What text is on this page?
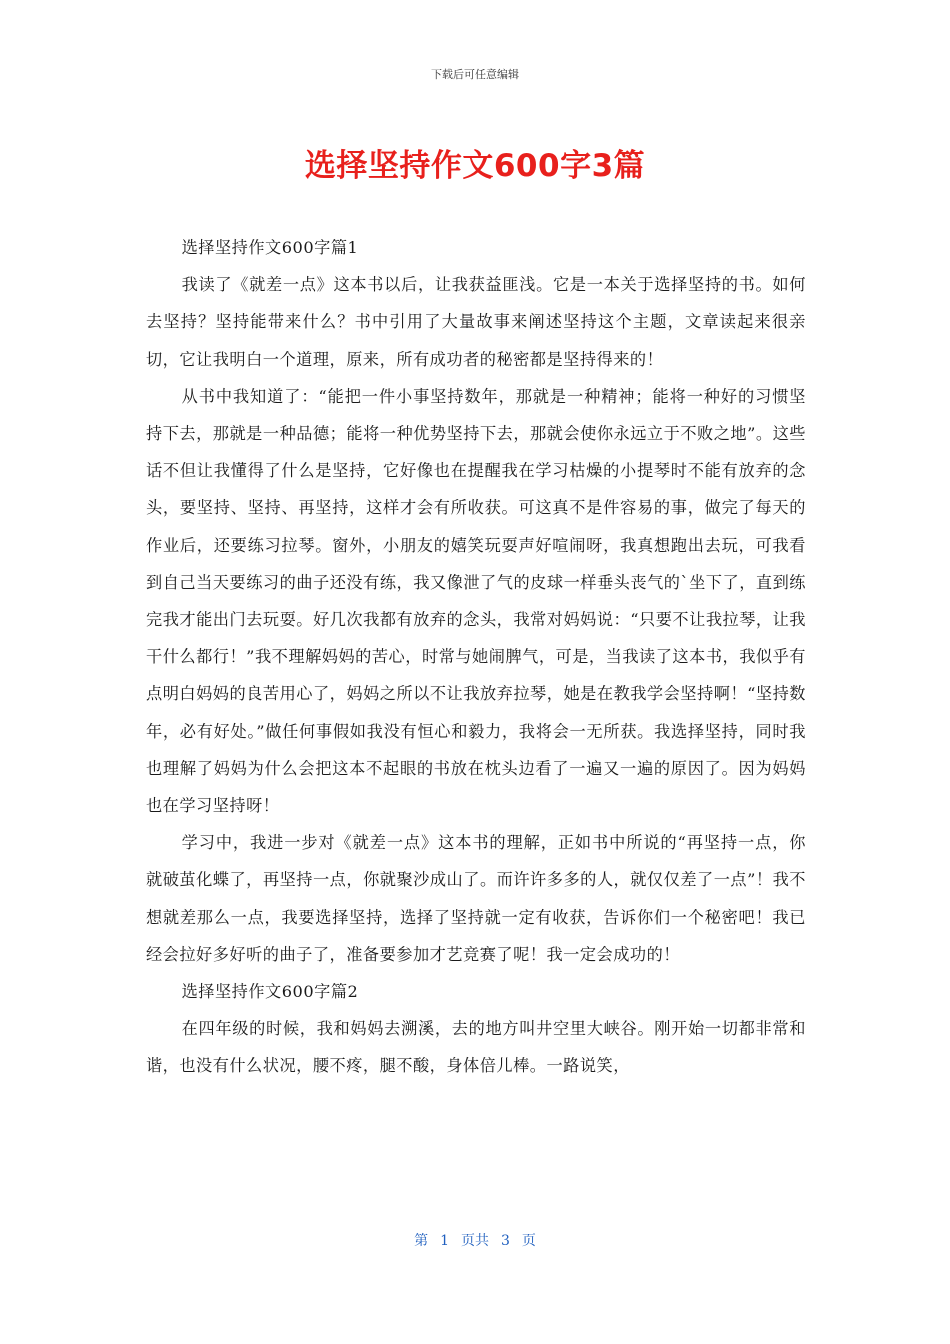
下载后可任意编辑
选择坚持作文600字3篇

选择坚持作文600字篇1

我读了《就差一点》这本书以后，让我获益匪浅。它是一本关于选择坚持的书。如何去坚持？坚持能带来什么？书中引用了大量故事来阐述坚持这个主题，文章读起来很亲切，它让我明白一个道理，原来，所有成功者的秘密都是坚持得来的！

从书中我知道了：“能把一件小事坚持数年，那就是一种精神；能将一种好的习惯坚持下去，那就是一种品德；能将一种优势坚持下去，那就会使你永远立于不败之地”。这些话不但让我懂得了什么是坚持，它好像也在提醒我在学习枯燥的小提琴时不能有放弃的念头，要坚持、坚持、再坚持，这样才会有所收获。可这真不是件容易的事，做完了每天的作业后，还要练习拉琴。窗外，小朋友的嬉笑玩耍声好喧闹呀，我真想跑出去玩，可我看到自己当天要练习的曲子还没有练，我又像泄了气的皮球一样垂头丧气的`坐下了，直到练完我才能出门去玩耍。好几次我都有放弃的念头，我常对妈妈说：“只要不让我拉琴，让我干什么都行！”我不理解妈妈的苦心，时常与她闹脾气，可是，当我读了这本书，我似乎有点明白妈妈的良苦用心了，妈妈之所以不让我放弃拉琴，她是在教我学会坚持啊！“坚持数年，必有好处。”做任何事假如我没有恒心和毅力，我将会一无所获。我选择坚持，同时我也理解了妈妈为什么会把这本不起眼的书放在枕头边看了一遍又一遍的原因了。因为妈妈也在学习坚持呀！

学习中，我进一步对《就差一点》这本书的理解，正如书中所说的“再坚持一点，你就破茧化蝶了，再坚持一点，你就聚沙成山了。而许许多多的人，就仅仅差了一点”！我不想就差那么一点，我要选择坚持，选择了坚持就一定有收获，告诉你们一个秘密吧！我已经会拉好多好听的曲子了，准备要参加才艺竞赛了呢！我一定会成功的！

选择坚持作文600字篇2

在四年级的时候，我和妈妈去溯溪，去的地方叫井空里大峡谷。刚开始一切都非常和谐，也没有什么状况，腰不疼，腿不酸，身体倍儿棒。一路说笑，

第 1 页共 3 页
